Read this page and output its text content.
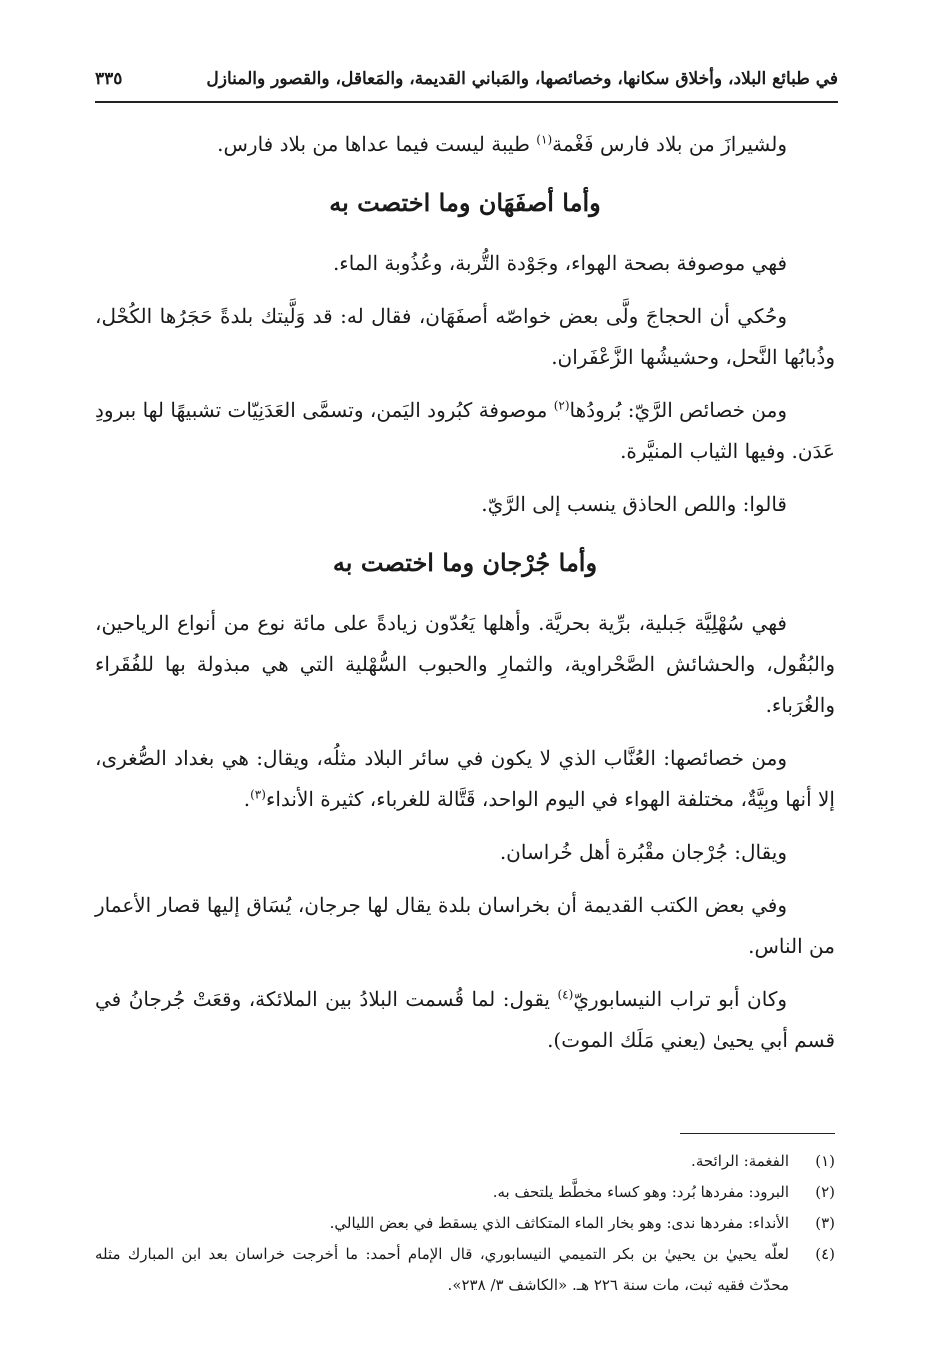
في طبائع البلاد، وأخلاق سكانها، وخصائصها، والمَباني القديمة، والمَعاقل، والقصور والمنازل
٣٣٥

ولشيرازَ من بلاد فارس فَغْمة$^{(١)}$ طيبة ليست فيما عداها من بلاد فارس.

وأما أصفَهَان وما اختصت به

فهي موصوفة بصحة الهواء، وجَوْدة التُّربة، وعُذُوبة الماء.

وحُكي أن الحجاجَ ولَّى بعض خواصّه أصفَهَان، فقال له: قد وَلَّيتك بلدةً حَجَرُها الكُحْل، وذُبابُها النَّحل، وحشيشُها الزَّعْفَران.

ومن خصائص الرَّيّ: بُرودُها$^{(٢)}$ موصوفة كبُرود اليَمن، وتسمَّى العَدَنِيّات تشبيهًا لها ببرودِ عَدَن. وفيها الثياب المنيَّرة.

قالوا: واللص الحاذق ينسب إلى الرَّيّ.

وأما جُرْجان وما اختصت به

فهي سُهْلِيَّة جَبلية، برِّية بحريَّة. وأهلها يَعُدّون زيادةً على مائة نوع من أنواع الرياحين، والبُقُول، والحشائش الصَّحْراوية، والثمارِ والحبوب السُّهْلية التي هي مبذولة بها للفُقَراء والغُرَباء.

ومن خصائصها: العُنَّاب الذي لا يكون في سائر البلاد مثلُه، ويقال: هي بغداد الصُّغرى، إلا أنها وبِيَّةٌ، مختلفة الهواء في اليوم الواحد، قَتَّالة للغرباء، كثيرة الأنداء$^{(٣)}$.

ويقال: جُرْجان مقْبُرة أهل خُراسان.

وفي بعض الكتب القديمة أن بخراسان بلدة يقال لها جرجان، يُسَاق إليها قصار الأعمار من الناس.

وكان أبو تراب النيسابوريّ$^{(٤)}$ يقول: لما قُسمت البلادُ بين الملائكة، وقعَتْ جُرجانُ في قسم أبي يحيىٰ (يعني مَلَك الموت).

(١)
الفغمة: الرائحة.
(٢)
البرود: مفردها بُرد: وهو كساء مخطَّط يلتحف به.
(٣)
الأنداء: مفردها ندى: وهو بخار الماء المتكاثف الذي يسقط في بعض الليالي.
(٤)
لعلّه يحييٰ بن يحييٰ بن بكر التميمي النيسابوري، قال الإمام أحمد: ما أخرجت خراسان بعد ابن المبارك مثله محدّث فقيه ثبت، مات سنة ٢٢٦ هـ. «الكاشف ٣/ ٢٣٨».
